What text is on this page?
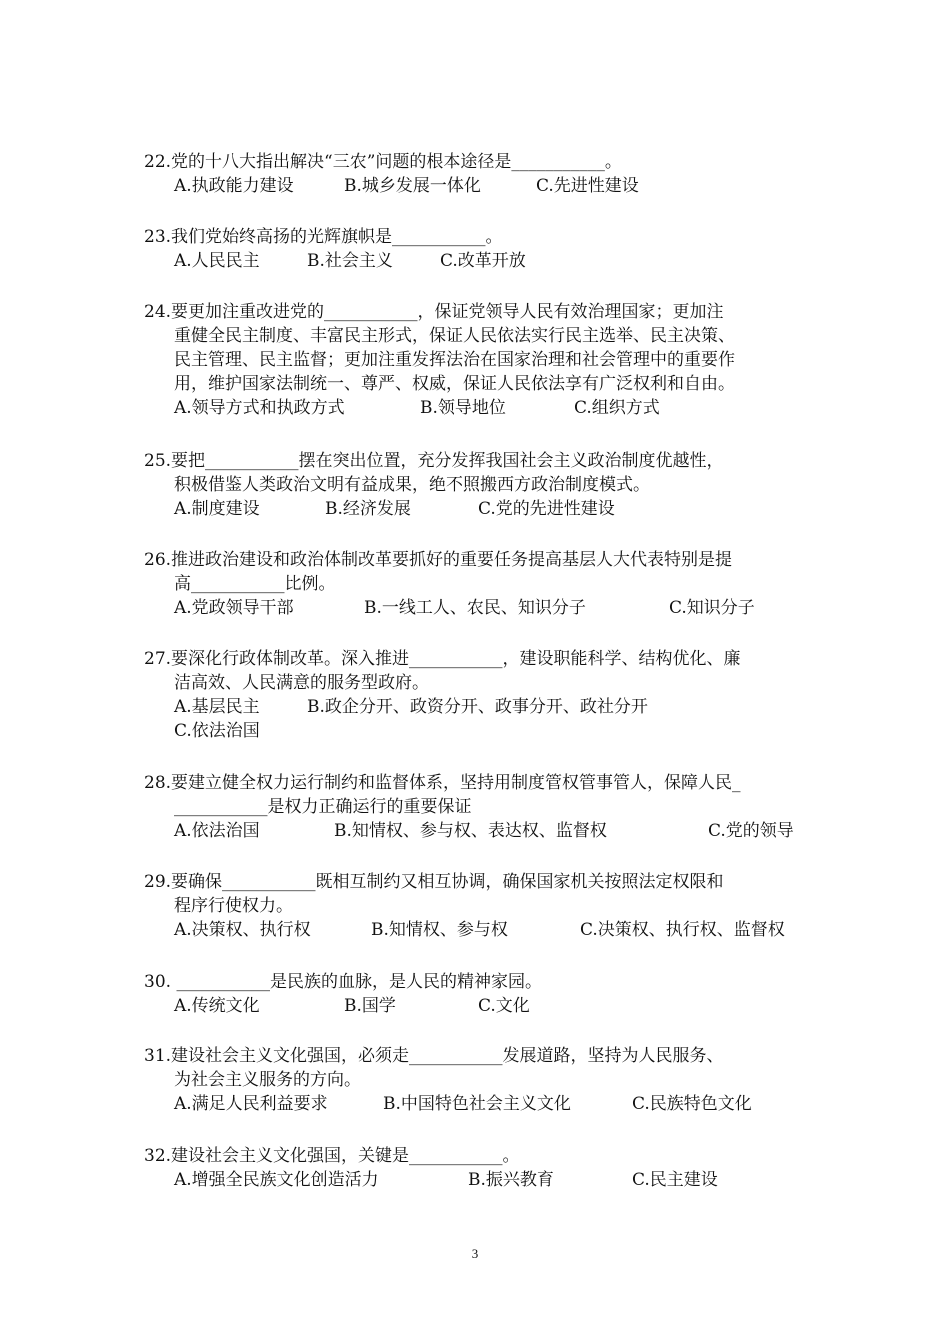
22.党的十八大指出解决“三农”问题的根本途径是___________。
A.执政能力建设	B.城乡发展一体化	C.先进性建设
23.我们党始终高扬的光辉旗帜是___________。
A.人民民主	B.社会主义	C.改革开放
24.要更加注重改进党的___________，保证党领导人民有效治理国家；更加注
重健全民主制度、丰富民主形式，保证人民依法实行民主选举、民主决策、
民主管理、民主监督；更加注重发挥法治在国家治理和社会管理中的重要作
用，维护国家法制统一、尊严、权威，保证人民依法享有广泛权利和自由。
A.领导方式和执政方式	B.领导地位	C.组织方式
25.要把___________摆在突出位置，充分发挥我国社会主义政治制度优越性，
积极借鉴人类政治文明有益成果，绝不照搬西方政治制度模式。
A.制度建设	B.经济发展	C.党的先进性建设
26.推进政治建设和政治体制改革要抓好的重要任务提高基层人大代表特别是提
高___________比例。
A.党政领导干部	B.一线工人、农民、知识分子	C.知识分子
27.要深化行政体制改革。深入推进___________，建设职能科学、结构优化、廉
洁高效、人民满意的服务型政府。
A.基层民主	B.政企分开、政资分开、政事分开、政社分开
C.依法治国
28.要建立健全权力运行制约和监督体系，坚持用制度管权管事管人，保障人民_
___________是权力正确运行的重要保证
A.依法治国	B.知情权、参与权、表达权、监督权	C.党的领导
29.要确保___________既相互制约又相互协调，确保国家机关按照法定权限和
程序行使权力。
A.决策权、执行权	B.知情权、参与权	C.决策权、执行权、监督权
30. ___________是民族的血脉，是人民的精神家园。
A.传统文化	B.国学	C.文化
31.建设社会主义文化强国，必须走___________发展道路，坚持为人民服务、
为社会主义服务的方向。
A.满足人民利益要求	B.中国特色社会主义文化	C.民族特色文化
32.建设社会主义文化强国，关键是___________。
A.增强全民族文化创造活力	B.振兴教育	C.民主建设
3
